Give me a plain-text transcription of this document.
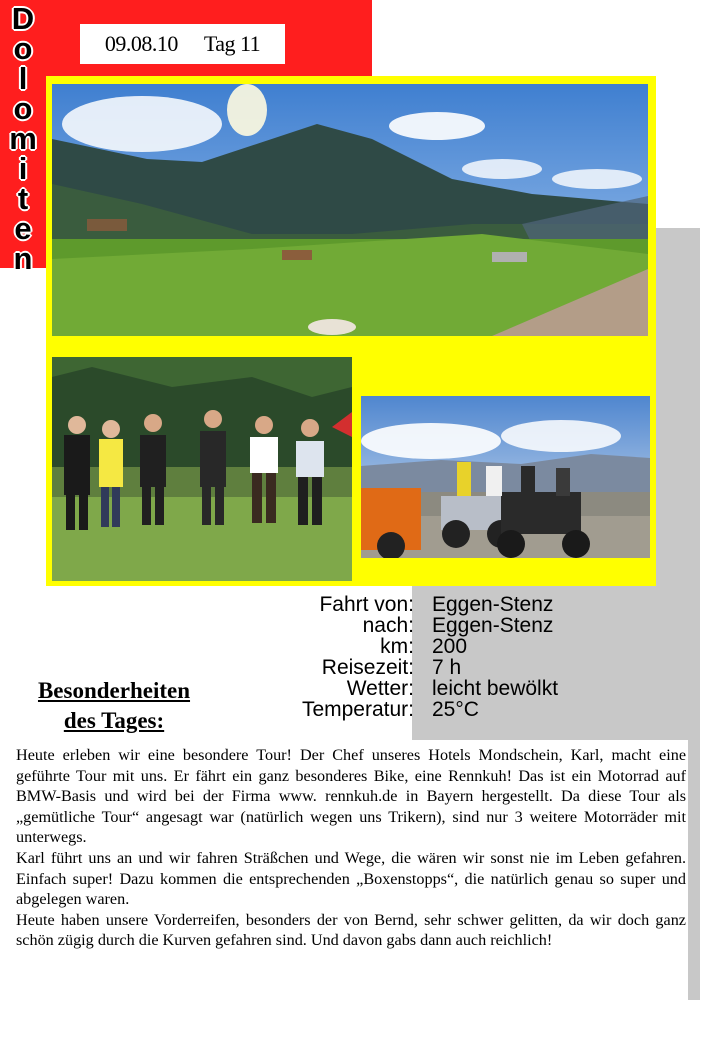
D
o
l
o
m
i
t
e
n
09.08.10 Tag 11
Fahrt von: Eggen-Stenz
nach: Eggen-Stenz
km: 200
Reisezeit: 7 h
Wetter: leicht bewölkt
Temperatur: 25°C
Besonderheiten
des Tages:

Heute erleben wir eine besondere Tour! Der Chef unseres Hotels Mondschein, Karl, macht eine geführte Tour mit uns. Er fährt ein ganz besonderes Bike, eine Rennkuh! Das ist ein Motorrad auf BMW-Basis und wird bei der Firma www. rennkuh.de in Bayern hergestellt. Da diese Tour als „gemütliche Tour“ angesagt war (natürlich wegen uns Trikern), sind nur 3 weitere Motorräder mit unterwegs.

Karl führt uns an und wir fahren Sträßchen und Wege, die wären wir sonst nie im Leben gefahren. Einfach super! Dazu kommen die entsprechenden „Boxenstopps“, die natürlich genau so super und abgelegen waren.

Heute haben unsere Vorderreifen, besonders der von Bernd, sehr schwer gelitten, da wir doch ganz schön zügig durch die Kurven gefahren sind. Und davon gabs dann auch reichlich!
